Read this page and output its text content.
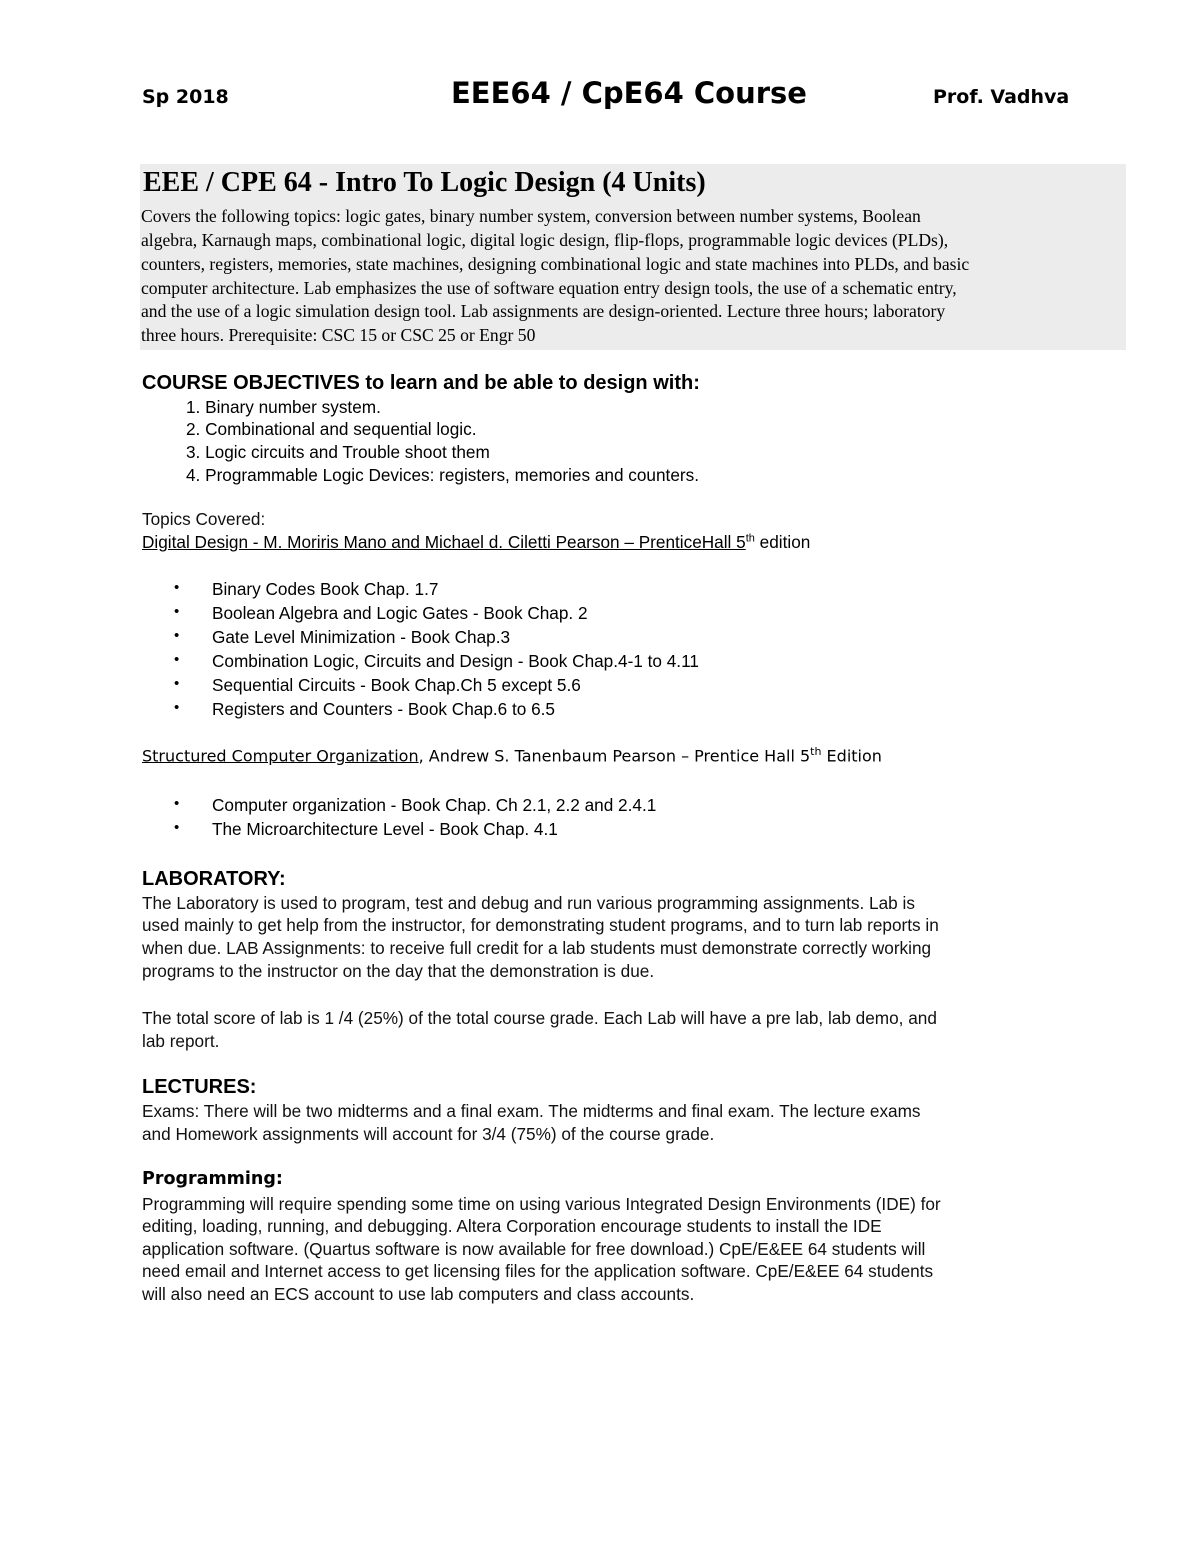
Sp 2018	EEE64 / CpE64 Course	Prof. Vadhva
EEE / CPE 64 - Intro To Logic Design (4 Units)
Covers the following topics: logic gates, binary number system, conversion between number systems, Boolean
algebra, Karnaugh maps, combinational logic, digital logic design, flip-flops, programmable logic devices (PLDs),
counters, registers, memories, state machines, designing combinational logic and state machines into PLDs, and basic
computer architecture. Lab emphasizes the use of software equation entry design tools, the use of a schematic entry,
and the use of a logic simulation design tool. Lab assignments are design-oriented. Lecture three hours; laboratory
three hours. Prerequisite: CSC 15 or CSC 25 or Engr 50
COURSE OBJECTIVES to learn and be able to design with:
1. Binary number system.
2. Combinational and sequential logic.
3. Logic circuits and Trouble shoot them
4. Programmable Logic Devices: registers, memories and counters.
Topics Covered:
Digital Design - M. Moriris Mano and Michael d. Ciletti Pearson – PrenticeHall 5th edition
• Binary Codes Book Chap. 1.7
• Boolean Algebra and Logic Gates - Book Chap. 2
• Gate Level Minimization - Book Chap.3
• Combination Logic, Circuits and Design - Book Chap.4-1 to 4.11
• Sequential Circuits - Book Chap.Ch 5 except 5.6
• Registers and Counters - Book Chap.6 to 6.5
Structured Computer Organization, Andrew S. Tanenbaum Pearson – Prentice Hall 5th Edition
• Computer organization - Book Chap. Ch 2.1, 2.2 and 2.4.1
• The Microarchitecture Level - Book Chap. 4.1
LABORATORY:
The Laboratory is used to program, test and debug and run various programming assignments. Lab is
used mainly to get help from the instructor, for demonstrating student programs, and to turn lab reports in
when due. LAB Assignments: to receive full credit for a lab students must demonstrate correctly working
programs to the instructor on the day that the demonstration is due.
The total score of lab is 1 /4 (25%) of the total course grade. Each Lab will have a pre lab, lab demo, and
lab report.
LECTURES:
Exams: There will be two midterms and a final exam. The midterms and final exam. The lecture exams
and Homework assignments will account for 3/4 (75%) of the course grade.
Programming:
Programming will require spending some time on using various Integrated Design Environments (IDE) for
editing, loading, running, and debugging. Altera Corporation encourage students to install the IDE
application software. (Quartus software is now available for free download.) CpE/E&EE 64 students will
need email and Internet access to get licensing files for the application software. CpE/E&EE 64 students
will also need an ECS account to use lab computers and class accounts.
